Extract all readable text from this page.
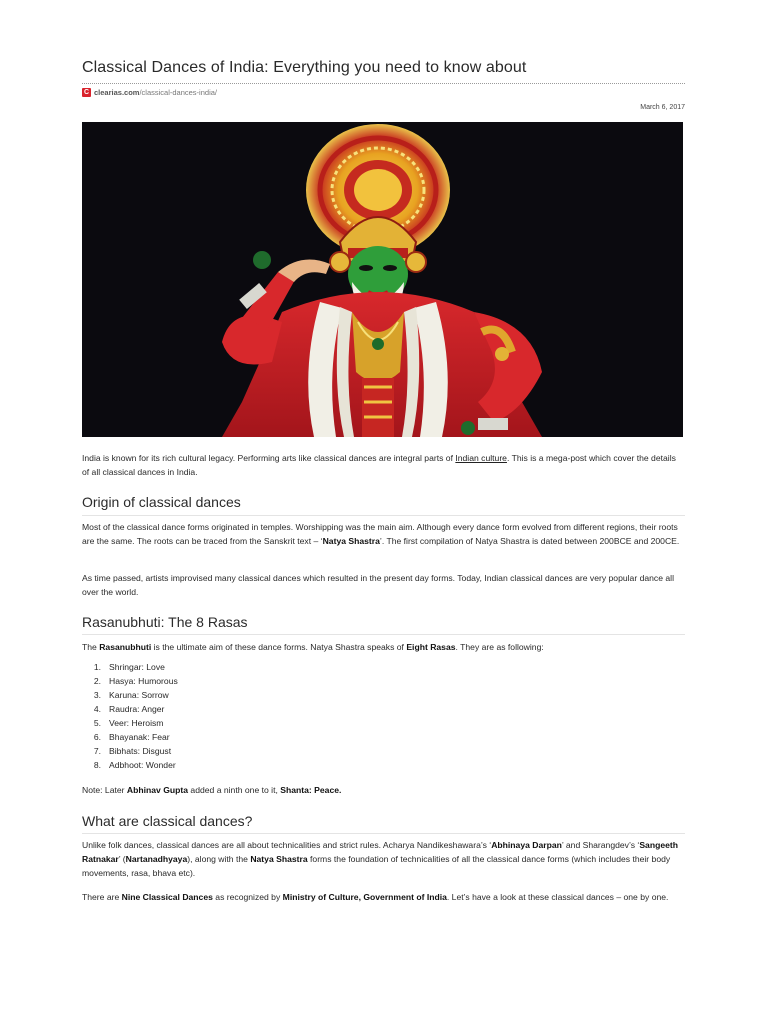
Classical Dances of India: Everything you need to know about
C clearias.com /classical-dances-india/
March 6, 2017

India is known for its rich cultural legacy. Performing arts like classical dances are integral parts of Indian culture. This is a mega-post which cover the details of all classical dances in India.

Origin of classical dances

Most of the classical dance forms originated in temples. Worshipping was the main aim. Although every dance form evolved from different regions, their roots are the same. The roots can be traced from the Sanskrit text – ‘Natya Shastra’. The first compilation of Natya Shastra is dated between 200BCE and 200CE.

As time passed, artists improvised many classical dances which resulted in the present day forms. Today, Indian classical dances are very popular dance all over the world.

Rasanubhuti: The 8 Rasas

The Rasanubhuti is the ultimate aim of these dance forms. Natya Shastra speaks of Eight Rasas. They are as following:

1. Shringar: Love
2. Hasya: Humorous
3. Karuna: Sorrow
4. Raudra: Anger
5. Veer: Heroism
6. Bhayanak: Fear
7. Bibhats: Disgust
8. Adbhoot: Wonder

Note: Later Abhinav Gupta added a ninth one to it, Shanta: Peace.

What are classical dances?

Unlike folk dances, classical dances are all about technicalities and strict rules. Acharya Nandikeshawara’s ‘Abhinaya Darpan’ and Sharangdev’s ‘Sangeeth Ratnakar’ (Nartanadhyaya), along with the Natya Shastra forms the foundation of technicalities of all the classical dance forms (which includes their body movements, rasa, bhava etc).

There are Nine Classical Dances as recognized by Ministry of Culture, Government of India. Let’s have a look at these classical dances – one by one.
